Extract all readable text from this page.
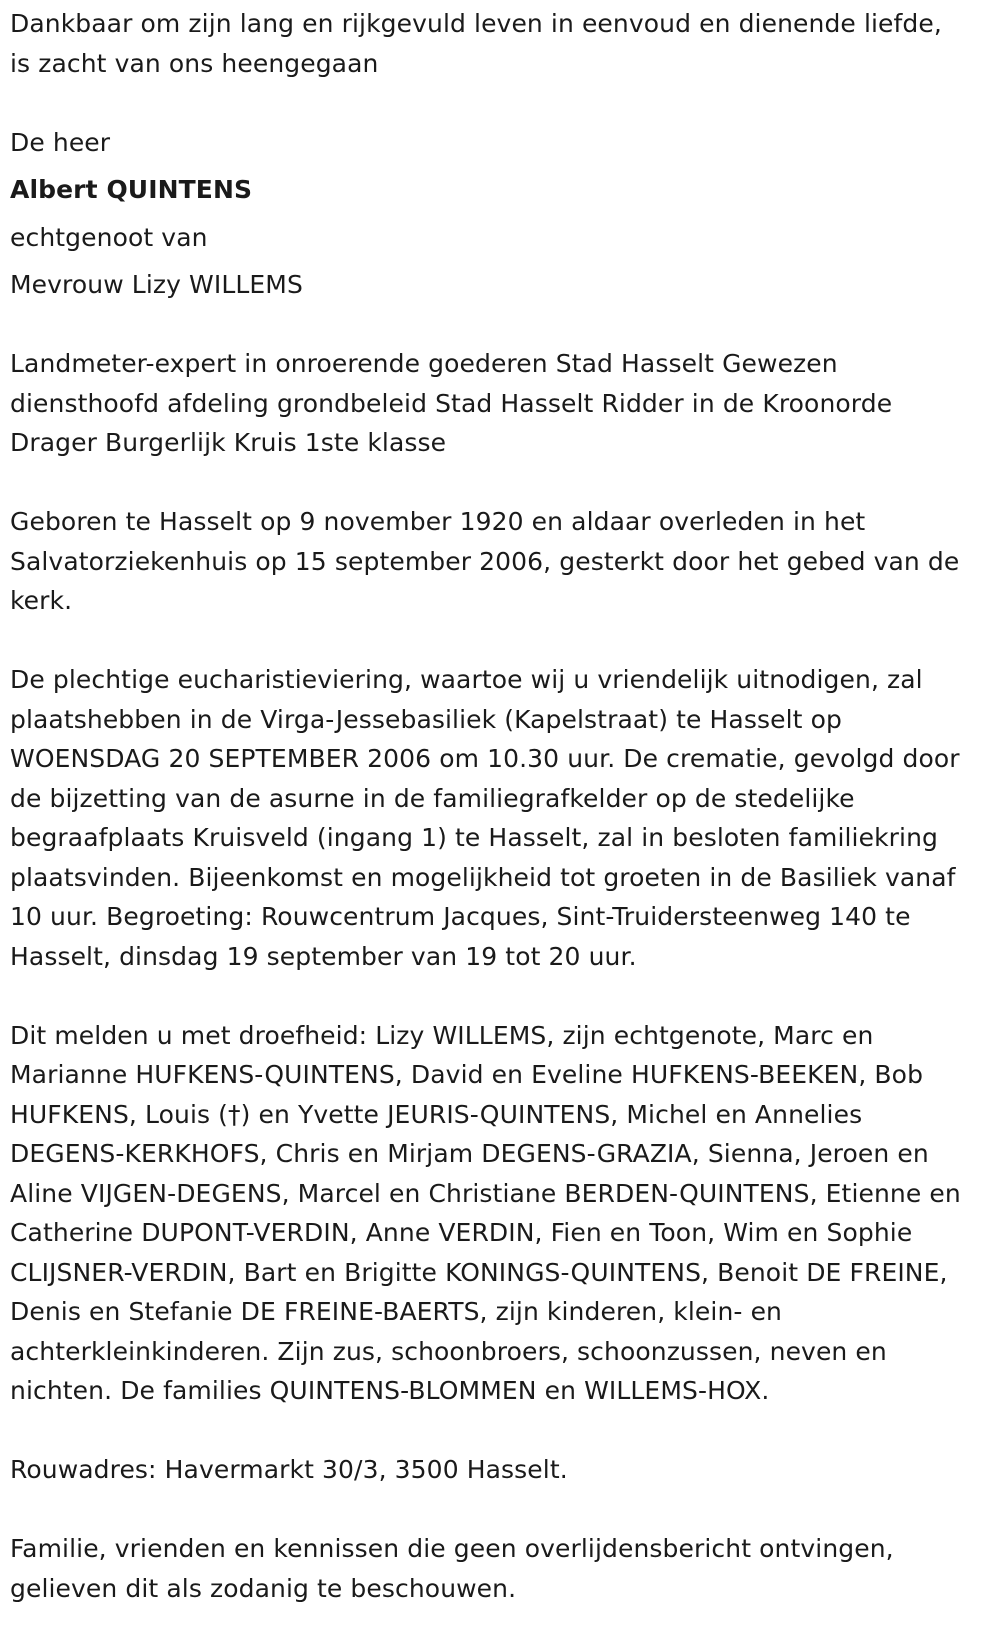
Dankbaar om zijn lang en rijkgevuld leven in eenvoud en dienende liefde, is zacht van ons heengegaan

De heer

Albert QUINTENS

echtgenoot van

Mevrouw Lizy WILLEMS

Landmeter-expert in onroerende goederen Stad Hasselt Gewezen diensthoofd afdeling grondbeleid Stad Hasselt Ridder in de Kroonorde Drager Burgerlijk Kruis 1ste klasse

Geboren te Hasselt op 9 november 1920 en aldaar overleden in het Salvatorziekenhuis op 15 september 2006, gesterkt door het gebed van de kerk.

De plechtige eucharistieviering, waartoe wij u vriendelijk uitnodigen, zal plaatshebben in de Virga-Jessebasiliek (Kapelstraat) te Hasselt op WOENSDAG 20 SEPTEMBER 2006 om 10.30 uur. De crematie, gevolgd door de bijzetting van de asurne in de familiegrafkelder op de stedelijke begraafplaats Kruisveld (ingang 1) te Hasselt, zal in besloten familiekring plaatsvinden. Bijeenkomst en mogelijkheid tot groeten in de Basiliek vanaf 10 uur. Begroeting: Rouwcentrum Jacques, Sint-Truidersteenweg 140 te Hasselt, dinsdag 19 september van 19 tot 20 uur.

Dit melden u met droefheid: Lizy WILLEMS, zijn echtgenote, Marc en Marianne HUFKENS-QUINTENS, David en Eveline HUFKENS-BEEKEN, Bob HUFKENS, Louis (†) en Yvette JEURIS-QUINTENS, Michel en Annelies DEGENS-KERKHOFS, Chris en Mirjam DEGENS-GRAZIA, Sienna, Jeroen en Aline VIJGEN-DEGENS, Marcel en Christiane BERDEN-QUINTENS, Etienne en Catherine DUPONT-VERDIN, Anne VERDIN, Fien en Toon, Wim en Sophie CLIJSNER-VERDIN, Bart en Brigitte KONINGS-QUINTENS, Benoit DE FREINE, Denis en Stefanie DE FREINE-BAERTS, zijn kinderen, klein- en achterkleinkinderen. Zijn zus, schoonbroers, schoonzussen, neven en nichten. De families QUINTENS-BLOMMEN en WILLEMS-HOX.

Rouwadres: Havermarkt 30/3, 3500 Hasselt.

Familie, vrienden en kennissen die geen overlijdensbericht ontvingen, gelieven dit als zodanig te beschouwen.
